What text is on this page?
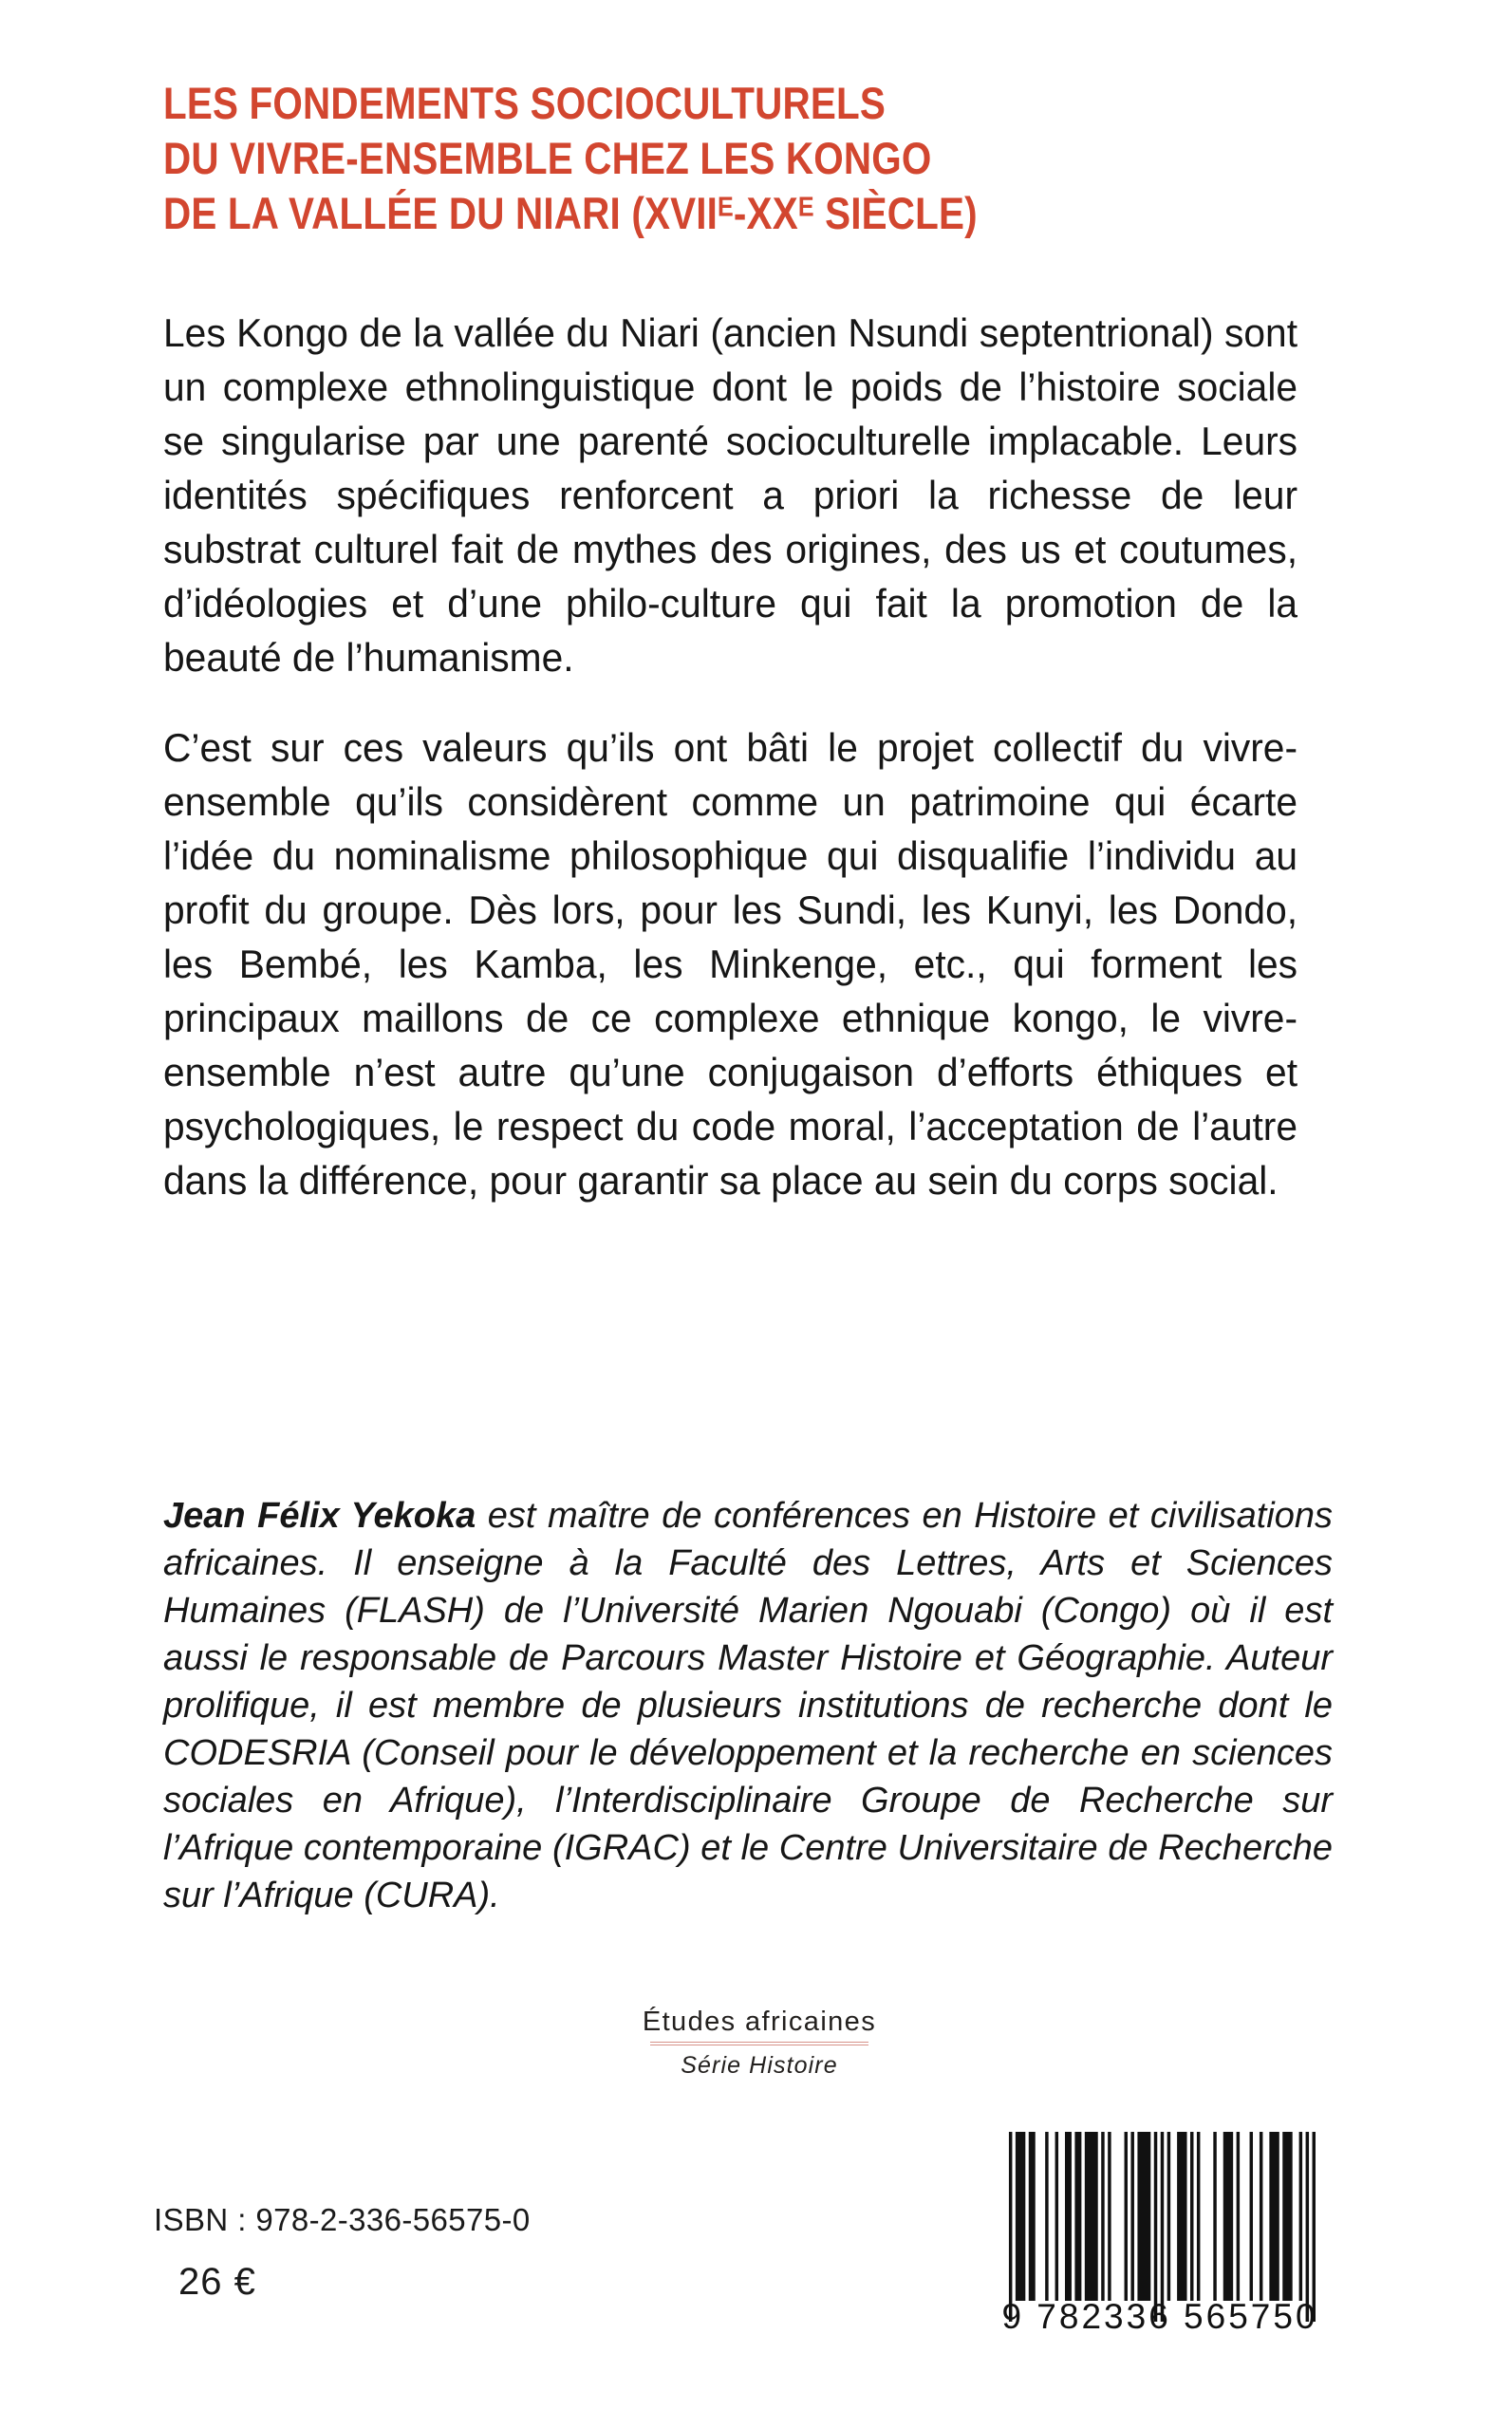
LES FONDEMENTS SOCIOCULTURELS
DU VIVRE-ENSEMBLE CHEZ LES KONGO
DE LA VALLÉE DU NIARI ($XVII^E-XX^E$ SIÈCLE)

Les Kongo de la vallée du Niari (ancien Nsundi septentrional) sont un complexe ethnolinguistique dont le poids de l’histoire sociale se singularise par une parenté socioculturelle implacable. Leurs identités spécifiques renforcent a priori la richesse de leur substrat culturel fait de mythes des origines, des us et coutumes, d’idéologies et d’une philo-culture qui fait la promotion de la beauté de l’humanisme.

C’est sur ces valeurs qu’ils ont bâti le projet collectif du vivre-ensemble qu’ils considèrent comme un patrimoine qui écarte l’idée du nominalisme philosophique qui disqualifie l’individu au profit du groupe. Dès lors, pour les Sundi, les Kunyi, les Dondo, les Bembé, les Kamba, les Minkenge, etc., qui forment les principaux maillons de ce complexe ethnique kongo, le vivre-ensemble n’est autre qu’une conjugaison d’efforts éthiques et psychologiques, le respect du code moral, l’acceptation de l’autre dans la différence, pour garantir sa place au sein du corps social.

Jean Félix Yekoka est maître de conférences en Histoire et civilisations africaines. Il enseigne à la Faculté des Lettres, Arts et Sciences Humaines (FLASH) de l’Université Marien Ngouabi (Congo) où il est aussi le responsable de Parcours Master Histoire et Géographie. Auteur prolifique, il est membre de plusieurs institutions de recherche dont le CODESRIA (Conseil pour le développement et la recherche en sciences sociales en Afrique), l’Interdisciplinaire Groupe de Recherche sur l’Afrique contemporaine (IGRAC) et le Centre Universitaire de Recherche sur l’Afrique (CURA).

Études africaines
Série Histoire
ISBN : 978-2-336-56575-0
26 €
9 782336 565750
